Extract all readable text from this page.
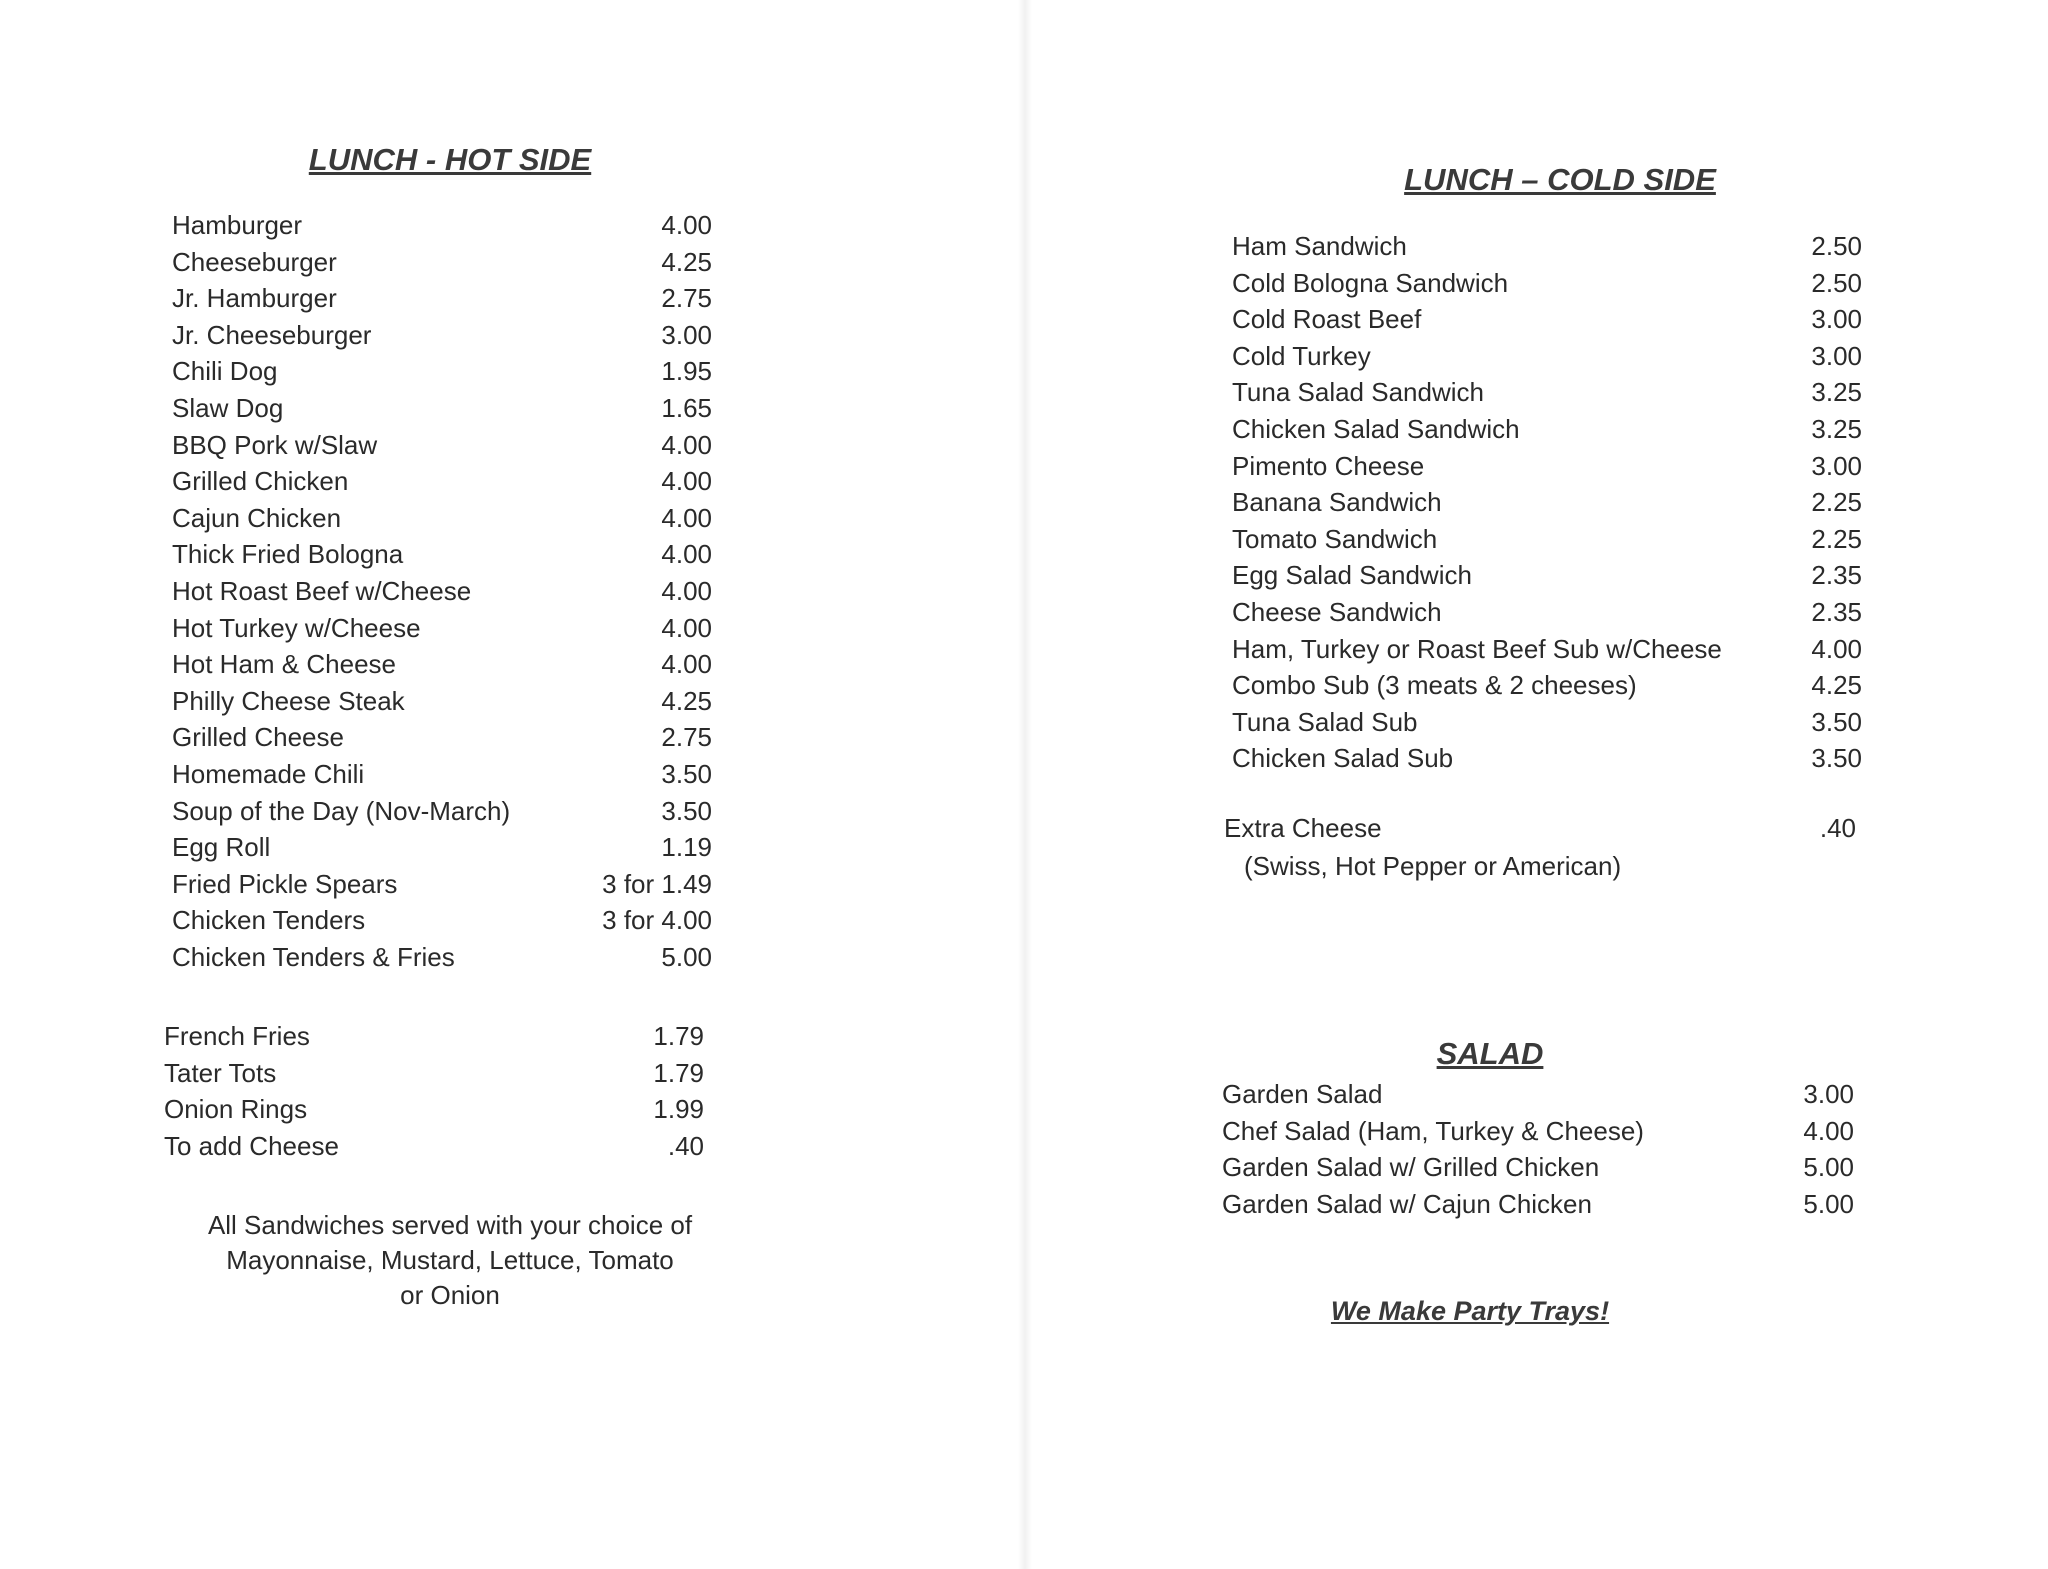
LUNCH - HOT SIDE
Hamburger	4.00
Cheeseburger	4.25
Jr. Hamburger	2.75
Jr. Cheeseburger	3.00
Chili Dog	1.95
Slaw Dog	1.65
BBQ Pork w/Slaw	4.00
Grilled Chicken	4.00
Cajun Chicken	4.00
Thick Fried Bologna	4.00
Hot Roast Beef w/Cheese	4.00
Hot Turkey w/Cheese	4.00
Hot Ham & Cheese	4.00
Philly Cheese Steak	4.25
Grilled Cheese	2.75
Homemade Chili	3.50
Soup of the Day (Nov-March)	3.50
Egg Roll	1.19
Fried Pickle Spears	3 for 1.49
Chicken Tenders	3 for 4.00
Chicken Tenders & Fries	5.00
French Fries	1.79
Tater Tots	1.79
Onion Rings	1.99
To add Cheese	.40
All Sandwiches served with your choice of
Mayonnaise, Mustard, Lettuce, Tomato
or Onion
LUNCH – COLD SIDE
Ham Sandwich	2.50
Cold Bologna Sandwich	2.50
Cold Roast Beef	3.00
Cold Turkey	3.00
Tuna Salad Sandwich	3.25
Chicken Salad Sandwich	3.25
Pimento Cheese	3.00
Banana Sandwich	2.25
Tomato Sandwich	2.25
Egg Salad Sandwich	2.35
Cheese Sandwich	2.35
Ham, Turkey or Roast Beef Sub w/Cheese	4.00
Combo Sub (3 meats & 2 cheeses)	4.25
Tuna Salad Sub	3.50
Chicken Salad Sub	3.50
Extra Cheese	.40
(Swiss, Hot Pepper or American)
SALAD
Garden Salad	3.00
Chef Salad (Ham, Turkey & Cheese)	4.00
Garden Salad w/ Grilled Chicken	5.00
Garden Salad w/ Cajun Chicken	5.00
We Make Party Trays!
